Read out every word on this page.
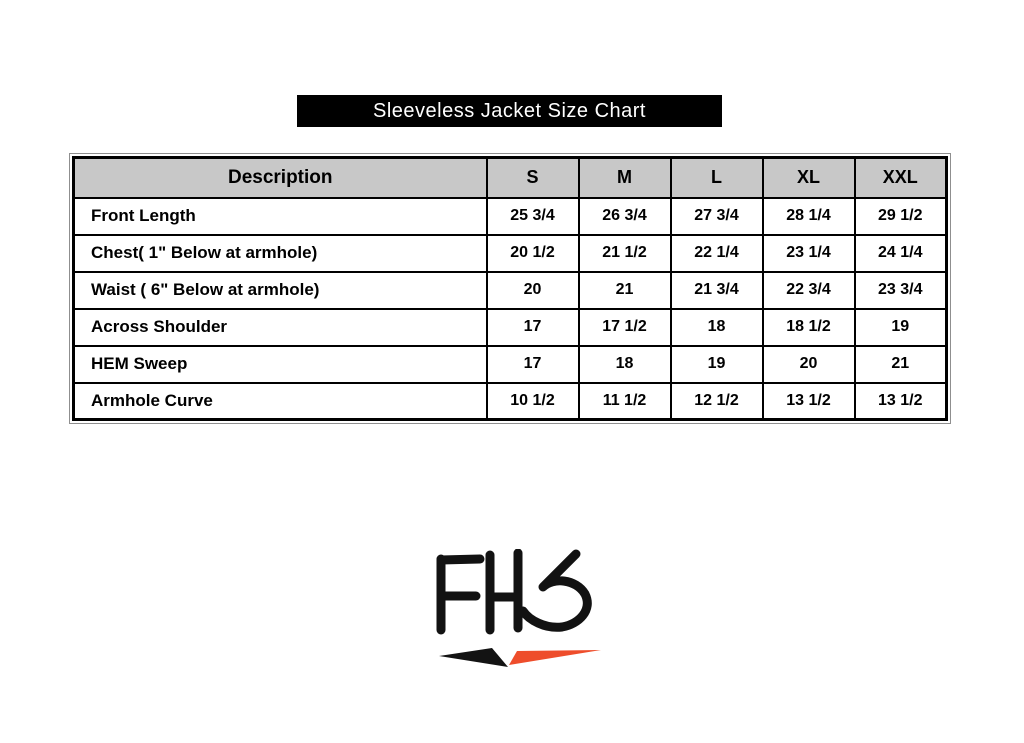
Sleeveless Jacket Size Chart
Description	S	M	L	XL	XXL
Front Length	25 3/4	26 3/4	27 3/4	28 1/4	29 1/2
Chest( 1" Below at armhole)	20 1/2	21 1/2	22 1/4	23 1/4	24 1/4
Waist ( 6" Below at armhole)	20	21	21 3/4	22 3/4	23 3/4
Across Shoulder	17	17 1/2	18	18 1/2	19
HEM Sweep	17	18	19	20	21
Armhole Curve	10 1/2	11 1/2	12 1/2	13 1/2	13 1/2
